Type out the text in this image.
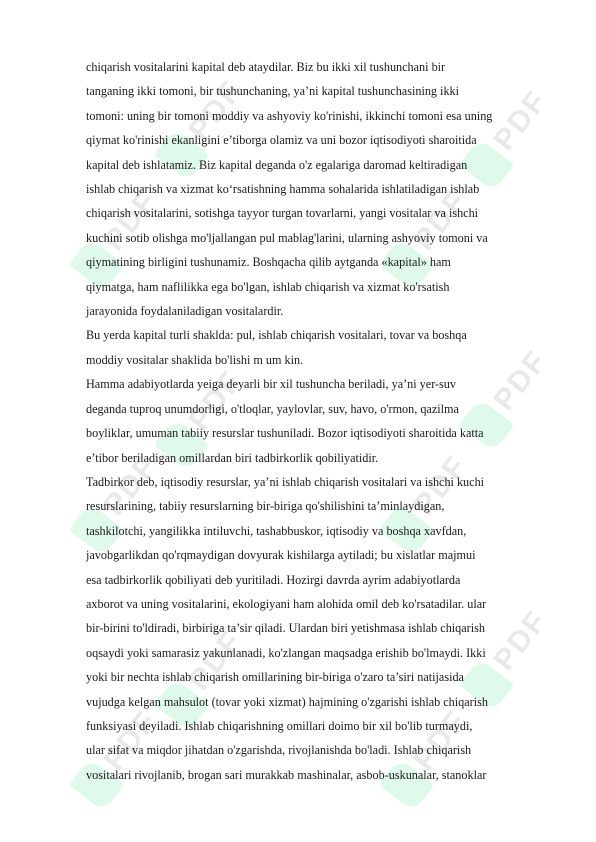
PDF	PDF
PDF	PDF
PDF	PDF
PDF	PDF
PDF	PDF
PDF	PDF
chiqarish vositalarini kapital deb ataydilar. Biz bu ikki xil tushunchani bir
tanganing ikki tomoni, bir tushunchaning, ya’ni kapital tushunchasining ikki
tomoni: uning bir tomoni moddiy va ashyoviy ko'rinishi, ikkinchi tomoni esa uning
qiymat ko'rinishi ekanligini e’tiborga olamiz va uni bozor iqtisodiyoti sharoitida
kapital deb ishlatamiz. Biz kapital deganda o'z egalariga daromad keltiradigan
ishlab chiqarish va xizmat ko‘rsatishning hamma sohalarida ishlatiladigan ishlab
chiqarish vositalarini, sotishga tayyor turgan tovarlarni, yangi vositalar va ishchi
kuchini sotib olishga mo'ljallangan pul mablag'larini, ularning ashyoviy tomoni va
qiymatining birligini tushunamiz. Boshqacha qilib aytganda «kapital» ham
qiymatga, ham naflilikka ega bo'lgan, ishlab chiqarish va xizmat ko'rsatish
jarayonida foydalaniladigan vositalardir.
Bu yerda kapital turli shaklda: pul, ishlab chiqarish vositalari, tovar va boshqa
moddiy vositalar shaklida bo'lishi m um kin.
Hamma adabiyotlarda yeiga deyarli bir xil tushuncha beriladi, ya’ni yer-suv
deganda tuproq unumdorligi, o'tloqlar, yaylovlar, suv, havo, o'rmon, qazilma
boyliklar, umuman tabiiy resurslar tushuniladi. Bozor iqtisodiyoti sharoitida katta
e’tibor beriladigan omillardan biri tadbirkorlik qobiliyatidir.
Tadbirkor deb, iqtisodiy resurslar, ya’ni ishlab chiqarish vositalari va ishchi kuchi
resurslarining, tabiiy resurslarning bir-biriga qo'shilishini ta’minlaydigan,
tashkilotchi, yangilikka intiluvchi, tashabbuskor, iqtisodiy va boshqa xavfdan,
javobgarlikdan qo'rqmaydigan dovyurak kishilarga aytiladi; bu xislatlar majmui
esa tadbirkorlik qobiliyati deb yuritiladi. Hozirgi davrda ayrim adabiyotlarda
axborot va uning vositalarini, ekologiyani ham alohida omil deb ko'rsatadilar. ular
bir-birini to'ldiradi, birbiriga ta’sir qiladi. Ulardan biri yetishmasa ishlab chiqarish
oqsaydi yoki samarasiz yakunlanadi, ko'zlangan maqsadga erishib bo'lmaydi. Ikki
yoki bir nechta ishlab chiqarish omillarining bir-biriga o'zaro ta’siri natijasida
vujudga kelgan mahsulot (tovar yoki xizmat) hajmining o'zgarishi ishlab chiqarish
funksiyasi deyiladi. Ishlab chiqarishning omillari doimo bir xil bo'lib turmaydi,
ular sifat va miqdor jihatdan o'zgarishda, rivojlanishda bo'ladi. Ishlab chiqarish
vositalari rivojlanib, brogan sari murakkab mashinalar, asbob-uskunalar, stanoklar
